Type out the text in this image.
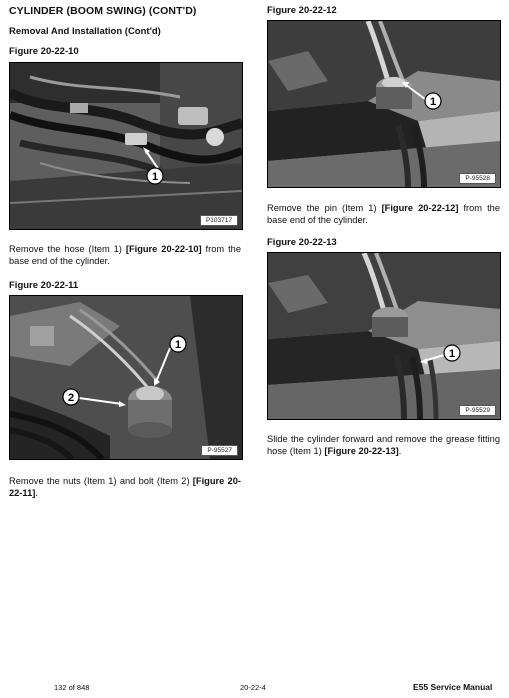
CYLINDER (BOOM SWING) (CONT'D)
Removal And Installation (Cont'd)
Figure 20-22-10
1
P103717
Remove the hose (Item 1) [Figure 20-22-10] from the base end of the cylinder.
Figure 20-22-11
1
2
P-95527
Remove the nuts (Item 1) and bolt (Item 2) [Figure 20-22-11].
Figure 20-22-12
1
P-95528
Remove the pin (Item 1) [Figure 20-22-12] from the base end of the cylinder.
Figure 20-22-13
1
P-95529
Slide the cylinder forward and remove the grease fitting hose (Item 1) [Figure 20-22-13].
132 of 848	20-22-4	E55 Service Manual
